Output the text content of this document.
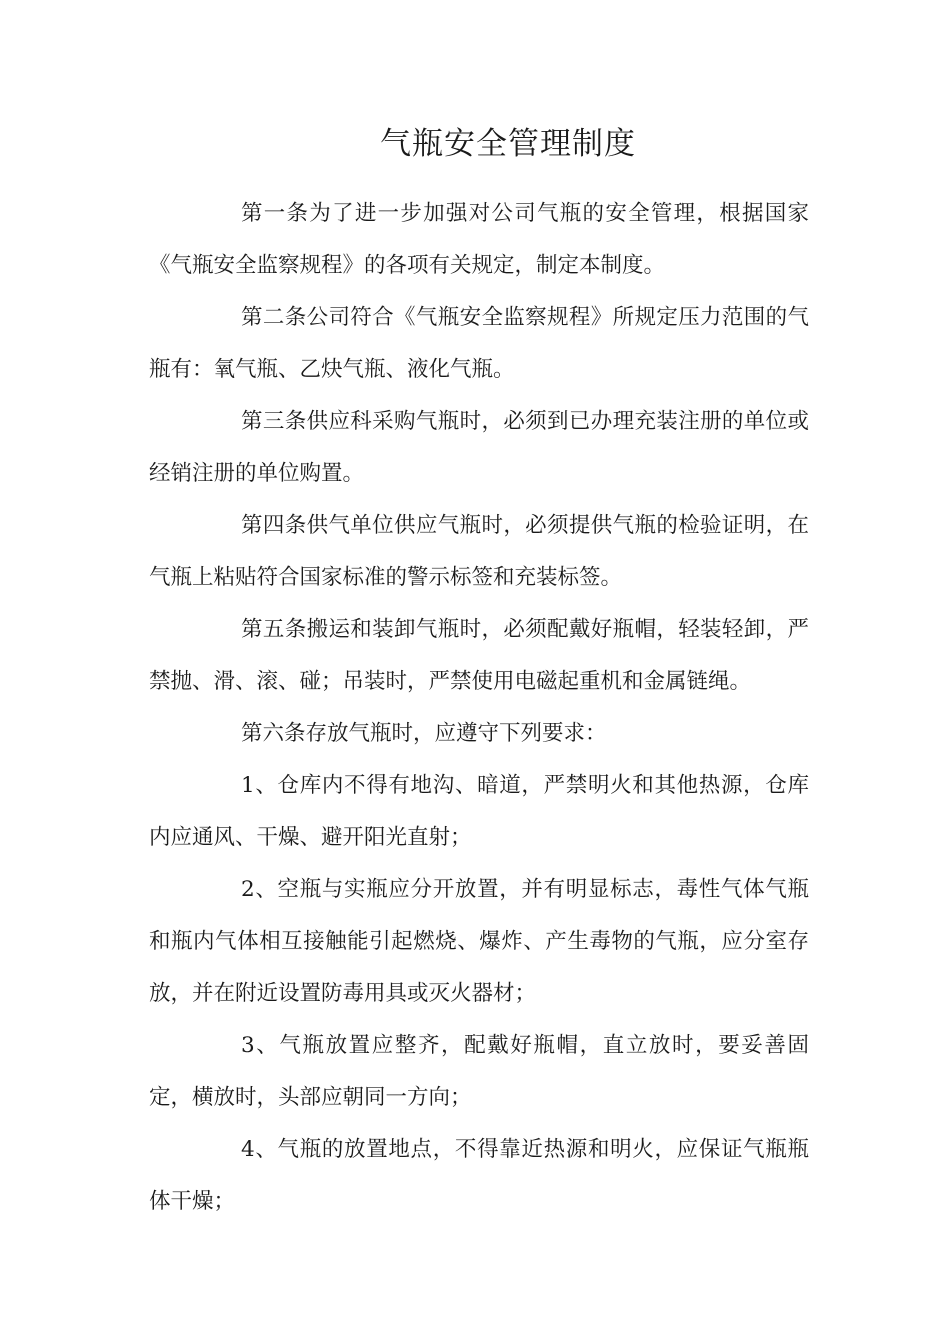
气瓶安全管理制度

第一条为了进一步加强对公司气瓶的安全管理，根据国家《气瓶安全监察规程》的各项有关规定，制定本制度。

第二条公司符合《气瓶安全监察规程》所规定压力范围的气瓶有：氧气瓶、乙炔气瓶、液化气瓶。

第三条供应科采购气瓶时，必须到已办理充装注册的单位或经销注册的单位购置。

第四条供气单位供应气瓶时，必须提供气瓶的检验证明，在气瓶上粘贴符合国家标准的警示标签和充装标签。

第五条搬运和装卸气瓶时，必须配戴好瓶帽，轻装轻卸，严禁抛、滑、滚、碰；吊装时，严禁使用电磁起重机和金属链绳。

第六条存放气瓶时，应遵守下列要求：

1、仓库内不得有地沟、暗道，严禁明火和其他热源，仓库内应通风、干燥、避开阳光直射；

2、空瓶与实瓶应分开放置，并有明显标志，毒性气体气瓶和瓶内气体相互接触能引起燃烧、爆炸、产生毒物的气瓶，应分室存放，并在附近设置防毒用具或灭火器材；

3、气瓶放置应整齐，配戴好瓶帽，直立放时，要妥善固定，横放时，头部应朝同一方向；

4、气瓶的放置地点，不得靠近热源和明火，应保证气瓶瓶体干燥；
